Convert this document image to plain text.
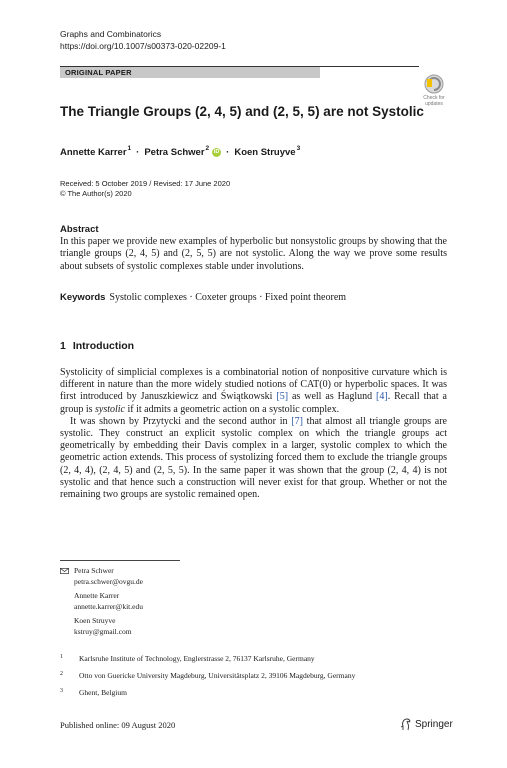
Graphs and Combinatorics
https://doi.org/10.1007/s00373-020-02209-1
ORIGINAL PAPER
Check for
updates
The Triangle Groups (2, 4, 5) and (2, 5, 5) are not Systolic
Annette Karrer$^1$ · Petra Schwer$^2$ iD · Koen Struyve$^3$
Received: 5 October 2019 / Revised: 17 June 2020
© The Author(s) 2020
Abstract
In this paper we provide new examples of hyperbolic but nonsystolic groups by showing that the triangle groups (2, 4, 5) and (2, 5, 5) are not systolic. Along the way we prove some results about subsets of systolic complexes stable under involutions.
Keywords Systolic complexes · Coxeter groups · Fixed point theorem
1 Introduction

Systolicity of simplicial complexes is a combinatorial notion of nonpositive curvature which is different in nature than the more widely studied notions of CAT(0) or hyperbolic spaces. It was first introduced by Januszkiewicz and Świątkowski [5] as well as Haglund [4]. Recall that a group is systolic if it admits a geometric action on a systolic complex.

It was shown by Przytycki and the second author in [7] that almost all triangle groups are systolic. They construct an explicit systolic complex on which the triangle groups act geometrically by embedding their Davis complex in a larger, systolic complex to which the geometric action extends. This process of systolizing forced them to exclude the triangle groups (2, 4, 4), (2, 4, 5) and (2, 5, 5). In the same paper it was shown that the group (2, 4, 4) is not systolic and that hence such a construction will never exist for that group. Whether or not the remaining two groups are systolic remained open.

Petra Schwer
petra.schwer@ovgu.de
Annette Karrer
annette.karrer@kit.edu
Koen Struyve
kstruy@gmail.com
1	Karlsruhe Institute of Technology, Englerstrasse 2, 76137 Karlsruhe, Germany
2	Otto von Guericke University Magdeburg, Universitätsplatz 2, 39106 Magdeburg, Germany
3	Ghent, Belgium
Published online: 09 August 2020	Springer
